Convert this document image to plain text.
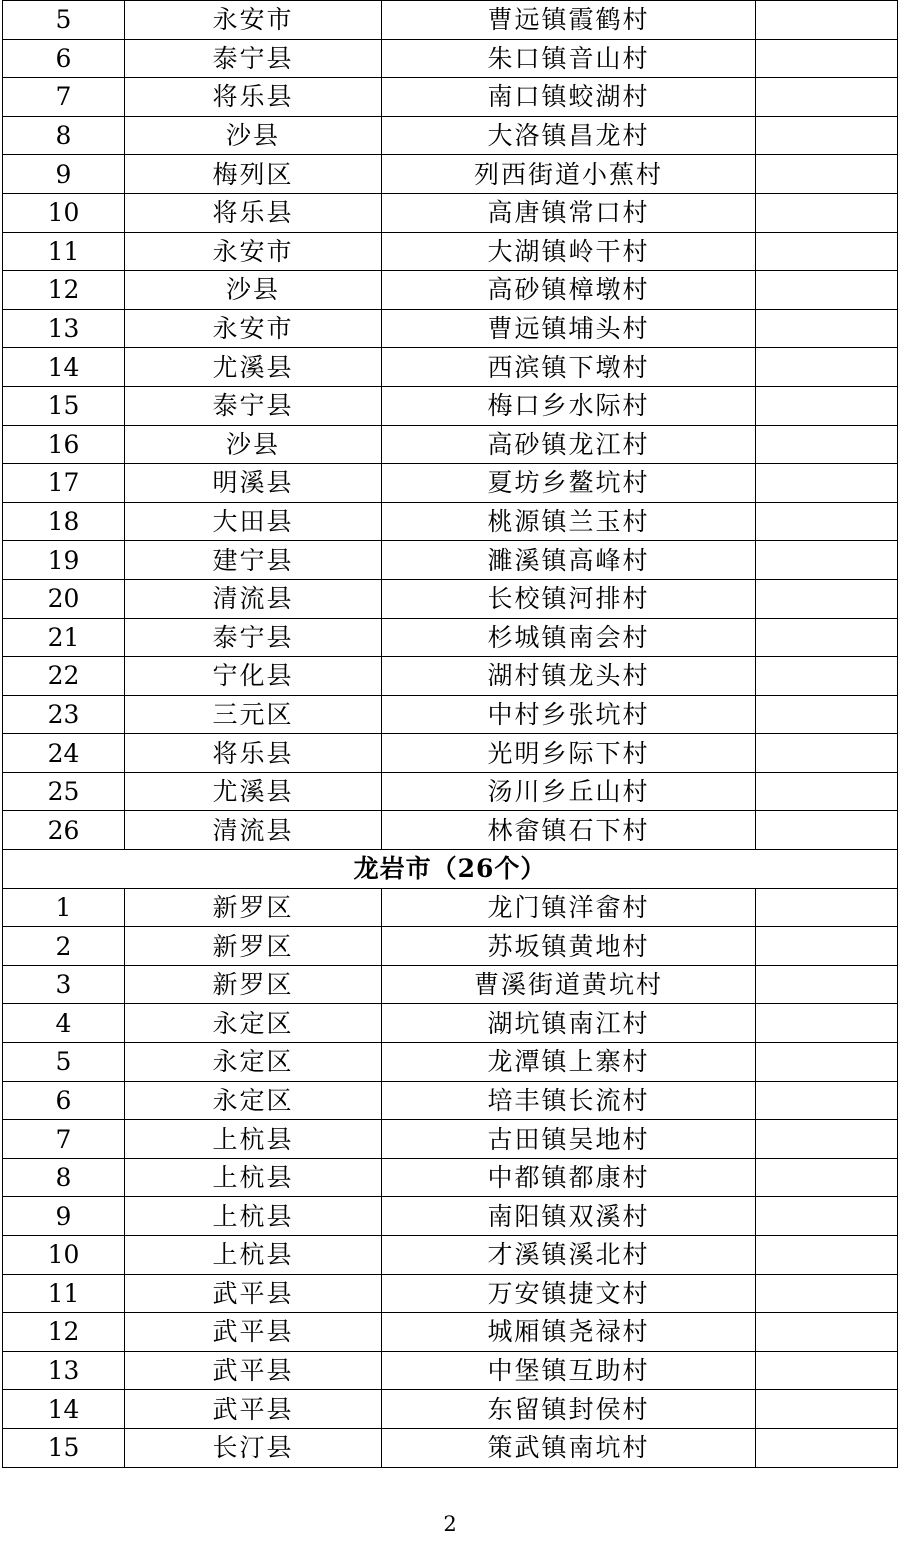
5	永安市	曹远镇霞鹤村	
6	泰宁县	朱口镇音山村	
7	将乐县	南口镇蛟湖村	
8	沙县	大洛镇昌龙村	
9	梅列区	列西街道小蕉村	
10	将乐县	高唐镇常口村	
11	永安市	大湖镇岭干村	
12	沙县	高砂镇樟墩村	
13	永安市	曹远镇埔头村	
14	尤溪县	西滨镇下墩村	
15	泰宁县	梅口乡水际村	
16	沙县	高砂镇龙江村	
17	明溪县	夏坊乡鳌坑村	
18	大田县	桃源镇兰玉村	
19	建宁县	濉溪镇高峰村	
20	清流县	长校镇河排村	
21	泰宁县	杉城镇南会村	
22	宁化县	湖村镇龙头村	
23	三元区	中村乡张坑村	
24	将乐县	光明乡际下村	
25	尤溪县	汤川乡丘山村	
26	清流县	林畲镇石下村	
龙岩市（26个）			
1	新罗区	龙门镇洋畲村	
2	新罗区	苏坂镇黄地村	
3	新罗区	曹溪街道黄坑村	
4	永定区	湖坑镇南江村	
5	永定区	龙潭镇上寨村	
6	永定区	培丰镇长流村	
7	上杭县	古田镇吴地村	
8	上杭县	中都镇都康村	
9	上杭县	南阳镇双溪村	
10	上杭县	才溪镇溪北村	
11	武平县	万安镇捷文村	
12	武平县	城厢镇尧禄村	
13	武平县	中堡镇互助村	
14	武平县	东留镇封侯村	
15	长汀县	策武镇南坑村	
2
